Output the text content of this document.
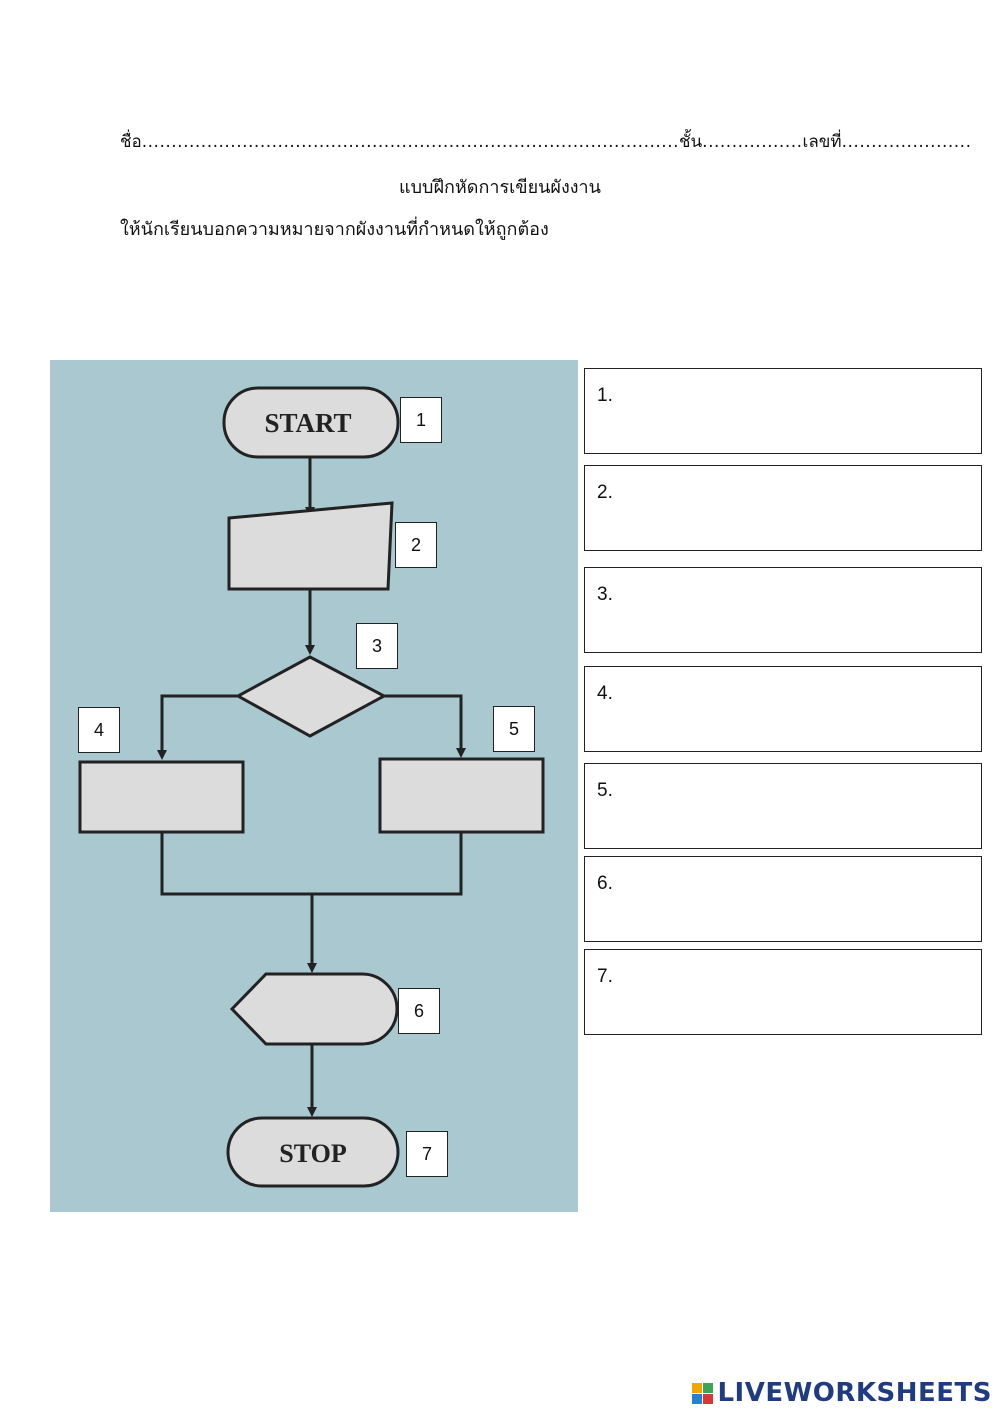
ชื่อ...........................................................................................ชั้น.................เลขที่......................
แบบฝึกหัดการเขียนผังงาน
ให้นักเรียนบอกความหมายจากผังงานที่กำหนดให้ถูกต้อง
START
STOP
1
2
3
4	5
6
7
1.
2.
3.
4.
5.
6.
7.
LIVEWORKSHEETS
